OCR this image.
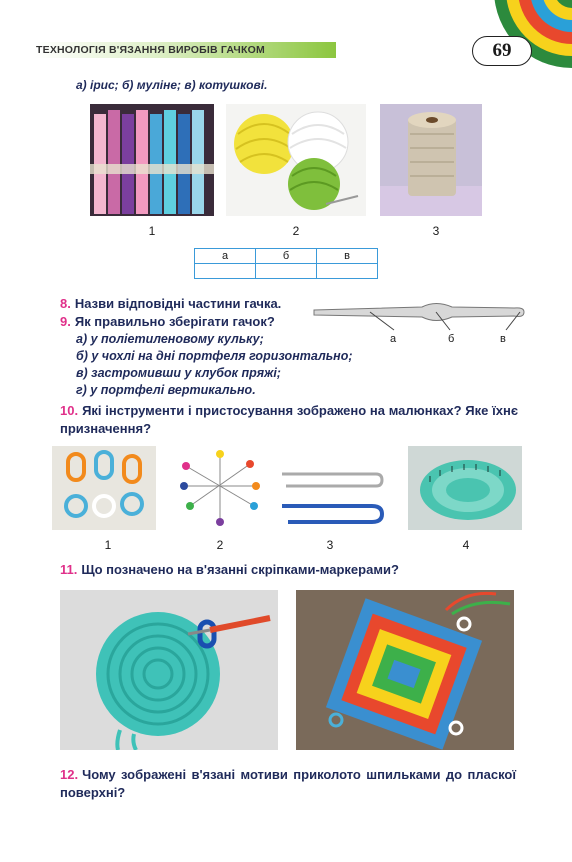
ТЕХНОЛОГІЯ В'ЯЗАННЯ ВИРОБІВ ГАЧКОМ	69
а) ірис; б) муліне; в) котушкові.
1	2	3
а	б	в

8. Назви відповідні частини гачка.
а	б	в
9. Як правильно зберігати гачок?
а) у поліетиленовому кульку;
б) у чохлі на дні портфеля горизонтально;
в) застромивши у клубок пряжі;
г) у портфелі вертикально.
10. Які інструменти і пристосування зображено на малюнках? Яке їхнє призначення?
1	2	3	4
11. Що позначено на в'язанні скріпками-маркерами?
12. Чому зображені в'язані мотиви приколото шпильками до пласкої поверхні?
